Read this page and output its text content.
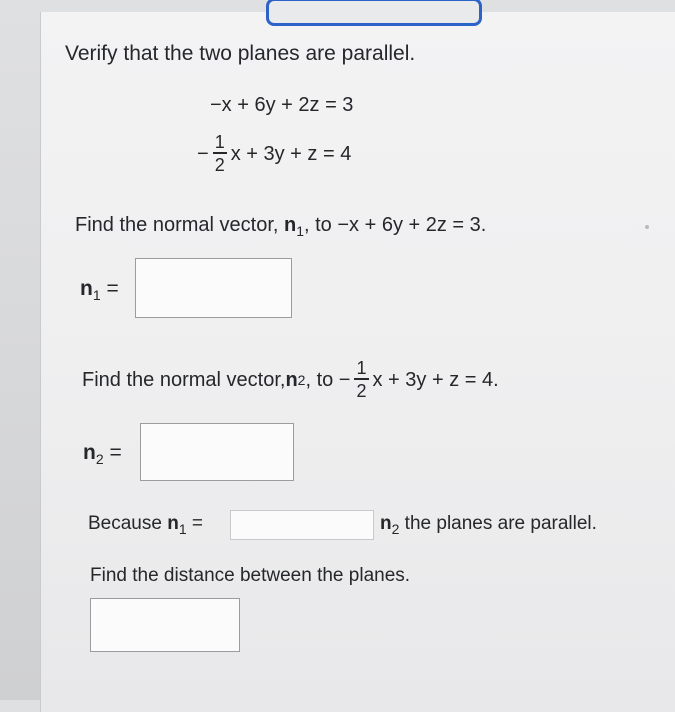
Verify that the two planes are parallel.
−x + 6y + 2z = 3
− $\frac{1}{2}$ x + 3y + z = 4
Find the normal vector, $n_1$, to −x + 6y + 2z = 3.
$n_1$ =
Find the normal vector, n 2 , to − $\frac{1}{2}$ x + 3y + z = 4.
$n_2$ =
Because $n_1$ =	$n_2$ the planes are parallel.
Find the distance between the planes.
